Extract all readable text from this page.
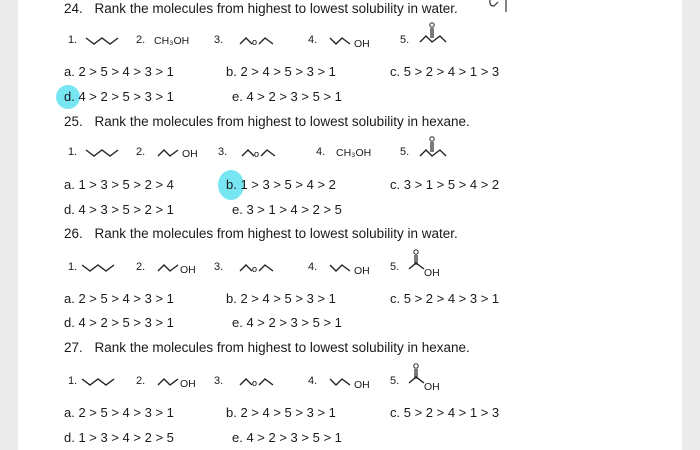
24. Rank the molecules from highest to lowest solubility in water.
1.	2. CH₃OH 3.	o	4.	OH	5.
a. 2 > 5 > 4 > 3 > 1	b. 2 > 4 > 5 > 3 > 1	c. 5 > 2 > 4 > 1 > 3
d. 4 > 2 > 5 > 3 > 1	e. 4 > 2 > 3 > 5 > 1
25. Rank the molecules from highest to lowest solubility in hexane.
1.	2.	OH 3.	o	4. CH₃OH	5.
a. 1 > 3 > 5 > 2 > 4	b. 1 > 3 > 5 > 4 > 2	c. 3 > 1 > 5 > 4 > 2
d. 4 > 3 > 5 > 2 > 1	e. 3 > 1 > 4 > 2 > 5
26. Rank the molecules from highest to lowest solubility in water.
1.	2.	OH 3.	o	4.	OH 5. OH
a. 2 > 5 > 4 > 3 > 1	b. 2 > 4 > 5 > 3 > 1	c. 5 > 2 > 4 > 3 > 1
d. 4 > 2 > 5 > 3 > 1	e. 4 > 2 > 3 > 5 > 1
27. Rank the molecules from highest to lowest solubility in hexane.
1.	2.	OH 3.	o	4.	OH 5. OH
a. 2 > 5 > 4 > 3 > 1	b. 2 > 4 > 5 > 3 > 1	c. 5 > 2 > 4 > 1 > 3
d. 1 > 3 > 4 > 2 > 5	e. 4 > 2 > 3 > 5 > 1
